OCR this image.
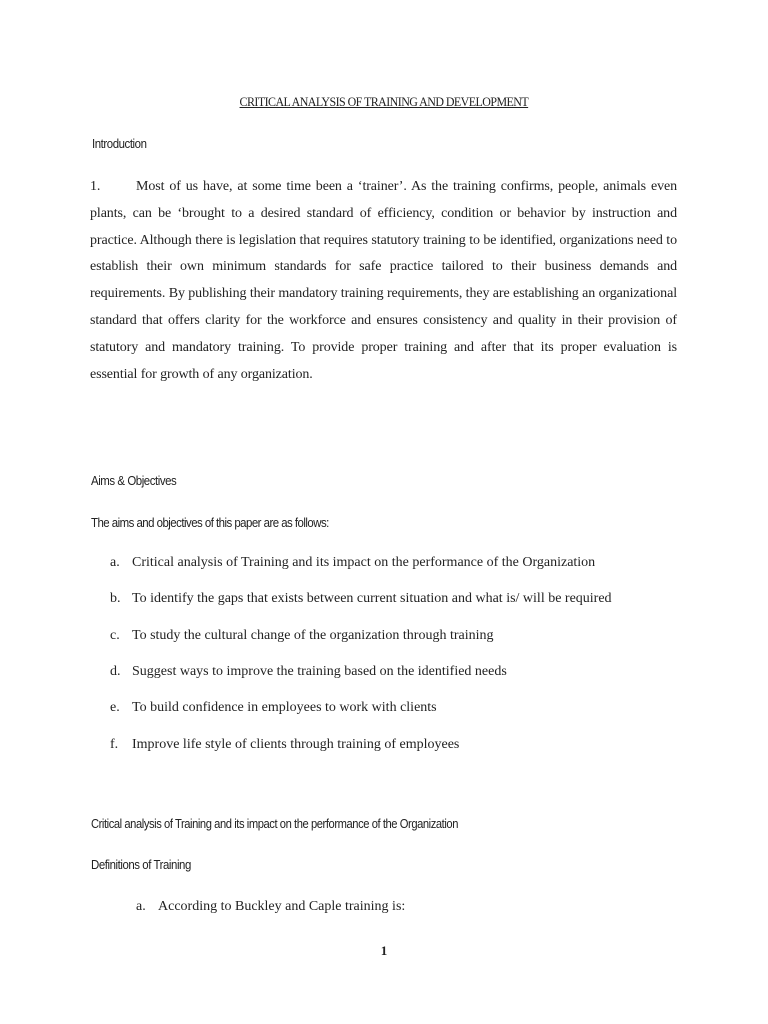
CRITICAL ANALYSIS OF TRAINING AND DEVELOPMENT
Introduction

1.	Most of us have, at some time been a ‘trainer’. As the training confirms, people, animals even plants, can be ‘brought to a desired standard of efficiency, condition or behavior by instruction and practice. Although there is legislation that requires statutory training to be identified, organizations need to establish their own minimum standards for safe practice tailored to their business demands and requirements. By publishing their mandatory training requirements, they are establishing an organizational standard that offers clarity for the workforce and ensures consistency and quality in their provision of statutory and mandatory training. To provide proper training and after that its proper evaluation is essential for growth of any organization.

Aims & Objectives
The aims and objectives of this paper are as follows:
a. Critical analysis of Training and its impact on the performance of the Organization
b. To identify the gaps that exists between current situation and what is/ will be required
c. To study the cultural change of the organization through training
d. Suggest ways to improve the training based on the identified needs
e. To build confidence in employees to work with clients
f. Improve life style of clients through training of employees
Critical analysis of Training and its impact on the performance of the Organization
Definitions of Training
a. According to Buckley and Caple training is:
1
